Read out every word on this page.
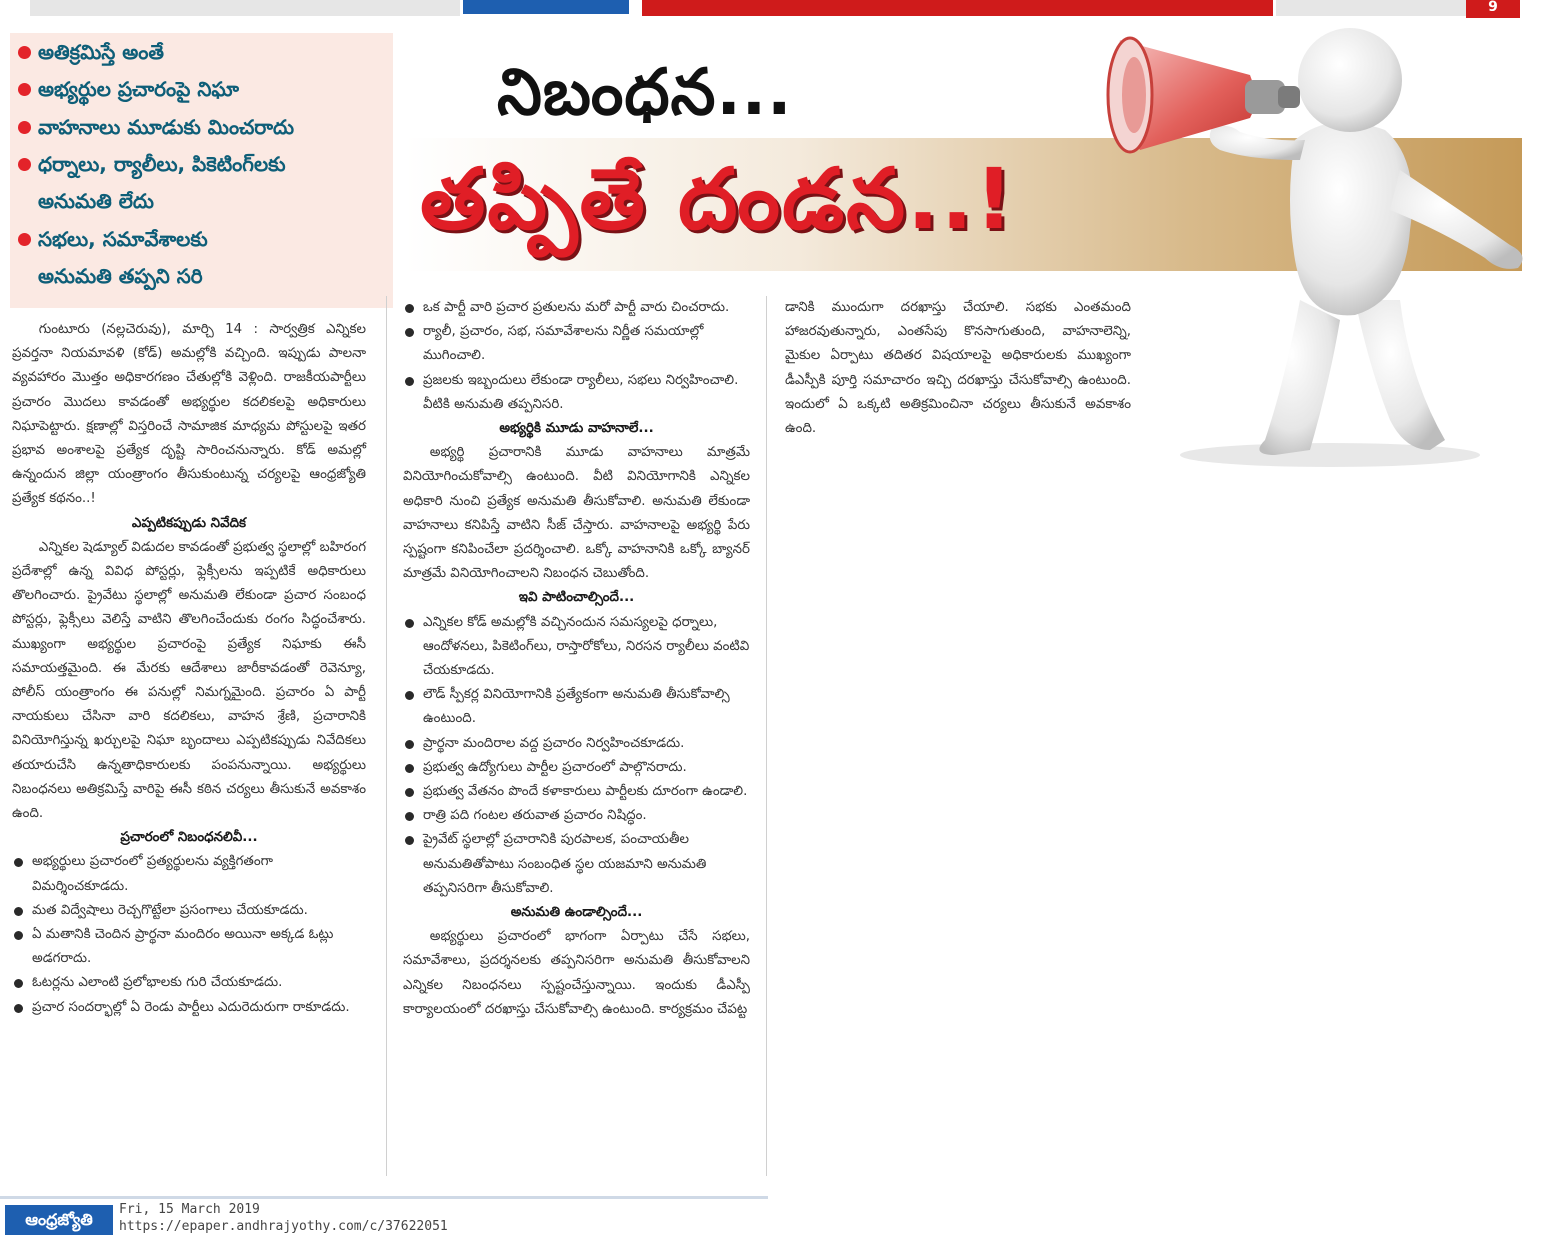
9
అతిక్రమిస్తే అంతే
అభ్యర్థుల ప్రచారంపై నిఘా
వాహనాలు మూడుకు మించరాదు
ధర్నాలు, ర్యాలీలు, పికెటింగ్‌లకు
అనుమతి లేదు
సభలు, సమావేశాలకు
అనుమతి తప్పని సరి
నిబంధన...
తప్పితే దండన..!

గుంటూరు (నల్లచెరువు), మార్చి 14 : సార్వత్రిక ఎన్నికల ప్రవర్తనా నియమావళి (కోడ్‌) అమల్లోకి వచ్చింది. ఇప్పుడు పాలనా వ్యవహారం మొత్తం అధికారగణం చేతుల్లోకి వెళ్లింది. రాజకీయపార్టీలు ప్రచారం మొదలు కావడంతో అభ్యర్థుల కదలికలపై అధికారులు నిఘాపెట్టారు. క్షణాల్లో విస్తరించే సామాజిక మాధ్యమ పోస్టులపై ఇతర ప్రభావ అంశాలపై ప్రత్యేక దృష్టి సారించనున్నారు. కోడ్‌ అమల్లో ఉన్నందున జిల్లా యంత్రాంగం తీసుకుంటున్న చర్యలపై ఆంధ్రజ్యోతి ప్రత్యేక కథనం..!

ఎప్పటికప్పుడు నివేదిక

ఎన్నికల షెడ్యూల్‌ విడుదల కావడంతో ప్రభుత్వ స్థలాల్లో బహిరంగ ప్రదేశాల్లో ఉన్న వివిధ పోస్టర్లు, ఫ్లెక్సీలను ఇప్పటికే అధికారులు తొలగించారు. ప్రైవేటు స్థలాల్లో అనుమతి లేకుండా ప్రచార సంబంధ పోస్టర్లు, ఫ్లెక్సీలు వెలిస్తే వాటిని తొలగించేందుకు రంగం సిద్ధంచేశారు. ముఖ్యంగా అభ్యర్థుల ప్రచారంపై ప్రత్యేక నిఘాకు ఈసీ సమాయత్తమైంది. ఈ మేరకు ఆదేశాలు జారీకావడంతో రెవెన్యూ, పోలీస్‌ యంత్రాంగం ఈ పనుల్లో నిమగ్నమైంది. ప్రచారం ఏ పార్టీ నాయకులు చేసినా వారి కదలికలు, వాహన శ్రేణి, ప్రచారానికి వినియోగిస్తున్న ఖర్చులపై నిఘా బృందాలు ఎప్పటికప్పుడు నివేదికలు తయారుచేసి ఉన్నతాధికారులకు పంపనున్నాయి. అభ్యర్థులు నిబంధనలు అతిక్రమిస్తే వారిపై ఈసీ కఠిన చర్యలు తీసుకునే అవకాశం ఉంది.

ప్రచారంలో నిబంధనలివీ...

అభ్యర్థులు ప్రచారంలో ప్రత్యర్థులను వ్యక్తిగతంగా విమర్శించకూడదు.
మత విద్వేషాలు రెచ్చగొట్టేలా ప్రసంగాలు చేయకూడదు.
ఏ మతానికి చెందిన ప్రార్థనా మందిరం అయినా అక్కడ ఓట్లు అడగరాదు.
ఓటర్లను ఎలాంటి ప్రలోభాలకు గురి చేయకూడదు.
ప్రచార సందర్భాల్లో ఏ రెండు పార్టీలు ఎదురెదురుగా రాకూడదు.
ఒక పార్టీ వారి ప్రచార ప్రతులను మరో పార్టీ వారు చించరాదు.
ర్యాలీ, ప్రచారం, సభ, సమావేశాలను నిర్ణీత సమయాల్లో ముగించాలి.
ప్రజలకు ఇబ్బందులు లేకుండా ర్యాలీలు, సభలు నిర్వహించాలి. వీటికి అనుమతి తప్పనిసరి.

అభ్యర్థికి మూడు వాహనాలే...

అభ్యర్థి ప్రచారానికి మూడు వాహనాలు మాత్రమే వినియోగించుకోవాల్సి ఉంటుంది. వీటి వినియోగానికి ఎన్నికల అధికారి నుంచి ప్రత్యేక అనుమతి తీసుకోవాలి. అనుమతి లేకుండా వాహనాలు కనిపిస్తే వాటిని సీజ్‌ చేస్తారు. వాహనాలపై అభ్యర్థి పేరు స్పష్టంగా కనిపించేలా ప్రదర్శించాలి. ఒక్కో వాహనానికి ఒక్కో బ్యానర్‌ మాత్రమే వినియోగించాలని నిబంధన చెబుతోంది.

ఇవి పాటించాల్సిందే...

ఎన్నికల కోడ్‌ అమల్లోకి వచ్చినందున సమస్యలపై ధర్నాలు, ఆందోళనలు, పికెటింగ్‌లు, రాస్తారోకోలు, నిరసన ర్యాలీలు వంటివి చేయకూడదు.
లౌడ్‌ స్పీకర్ల వినియోగానికి ప్రత్యేకంగా అనుమతి తీసుకోవాల్సి ఉంటుంది.
ప్రార్థనా మందిరాల వద్ద ప్రచారం నిర్వహించకూడదు.
ప్రభుత్వ ఉద్యోగులు పార్టీల ప్రచారంలో పాల్గొనరాదు.
ప్రభుత్వ వేతనం పొందే కళాకారులు పార్టీలకు దూరంగా ఉండాలి.
రాత్రి పది గంటల తరువాత ప్రచారం నిషిద్ధం.
ప్రైవేట్‌ స్థలాల్లో ప్రచారానికి పురపాలక, పంచాయతీల అనుమతితోపాటు సంబంధిత స్థల యజమాని అనుమతి తప్పనిసరిగా తీసుకోవాలి.

అనుమతి ఉండాల్సిందే...

అభ్యర్థులు ప్రచారంలో భాగంగా ఏర్పాటు చేసే సభలు, సమావేశాలు, ప్రదర్శనలకు తప్పనిసరిగా అనుమతి తీసుకోవాలని ఎన్నికల నిబంధనలు స్పష్టంచేస్తున్నాయి. ఇందుకు డీఎస్పీ కార్యాలయంలో దరఖాస్తు చేసుకోవాల్సి ఉంటుంది. కార్యక్రమం చేపట్ట

డానికి ముందుగా దరఖాస్తు చేయాలి. సభకు ఎంతమంది హాజరవుతున్నారు, ఎంతసేపు కొనసాగుతుంది, వాహనాలెన్ని, మైకుల ఏర్పాటు తదితర విషయాలపై అధికారులకు ముఖ్యంగా డీఎస్పీకి పూర్తి సమాచారం ఇచ్చి దరఖాస్తు చేసుకోవాల్సి ఉంటుంది. ఇందులో ఏ ఒక్కటి అతిక్రమించినా చర్యలు తీసుకునే అవకాశం ఉంది.

ఆంధ్రజ్యోతి
Fri, 15 March 2019
https://epaper.andhrajyothy.com/c/37622051
